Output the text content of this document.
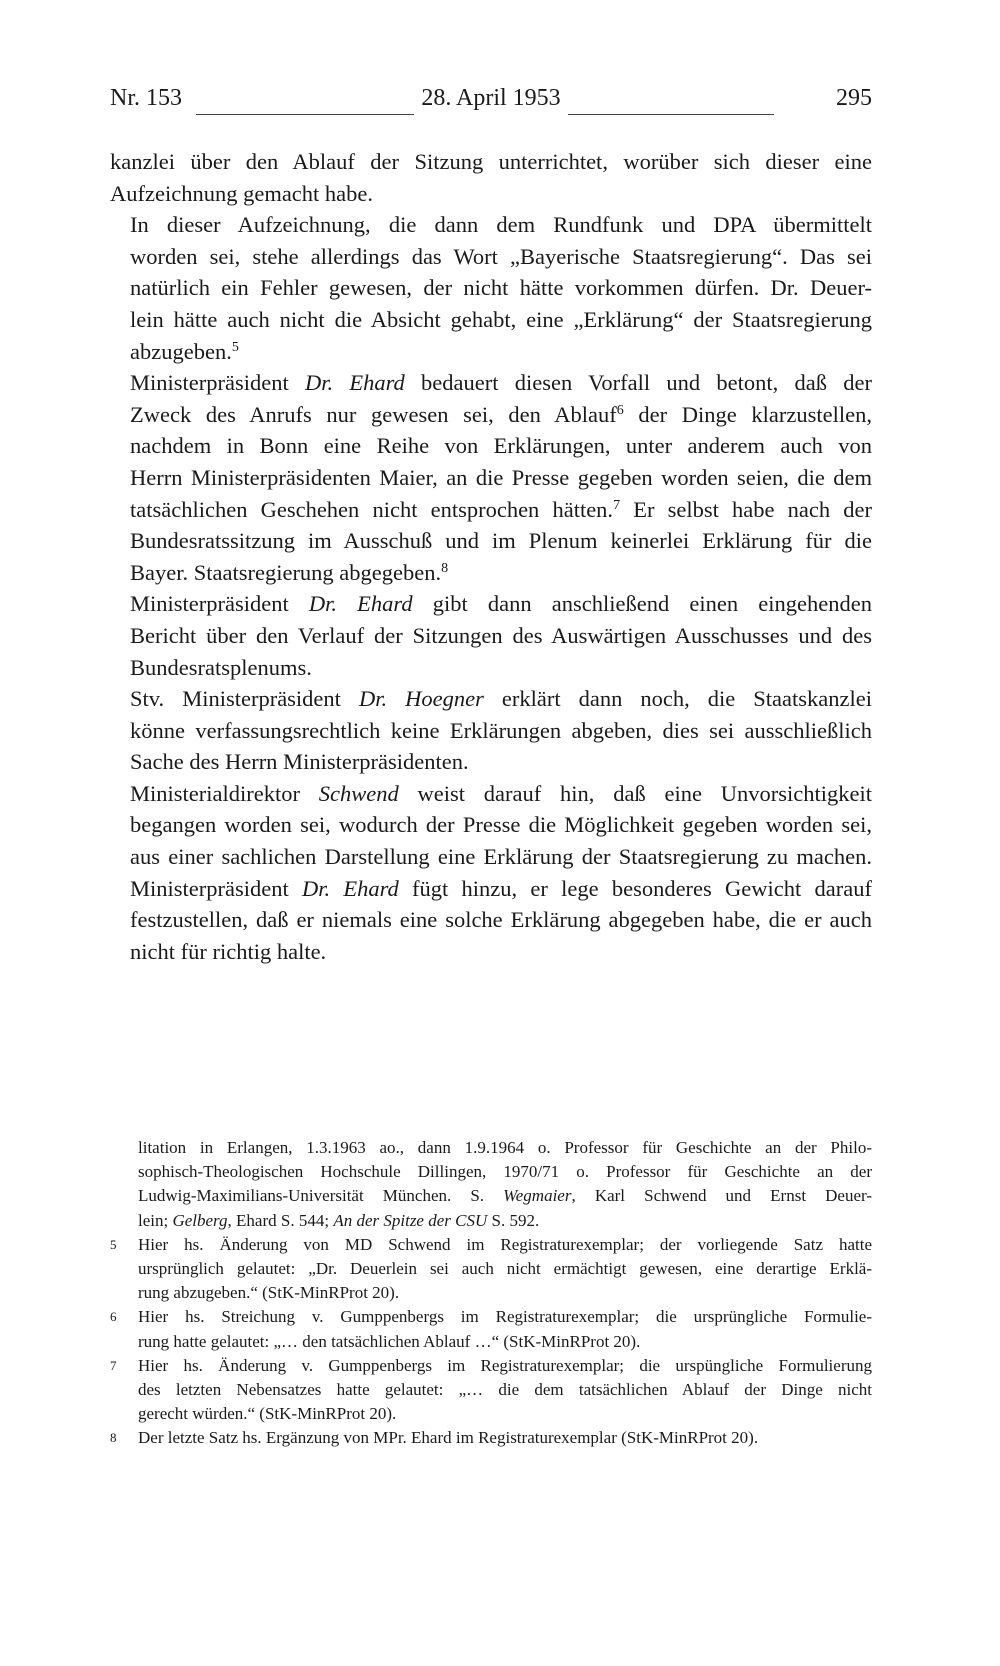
Nr. 153	28. April 1953	295

kanzlei über den Ablauf der Sitzung unterrichtet, worüber sich dieser eine
Aufzeichnung gemacht habe.

In dieser Aufzeichnung, die dann dem Rundfunk und DPA übermittelt
worden sei, stehe allerdings das Wort „Bayerische Staatsregierung“. Das sei
natürlich ein Fehler gewesen, der nicht hätte vorkommen dürfen. Dr. Deuer-
lein hätte auch nicht die Absicht gehabt, eine „Erklärung“ der Staatsregierung
abzugeben.$^5$

Ministerpräsident Dr. Ehard bedauert diesen Vorfall und betont, daß der
Zweck des Anrufs nur gewesen sei, den Ablauf$^6$ der Dinge klarzustellen,
nachdem in Bonn eine Reihe von Erklärungen, unter anderem auch von
Herrn Ministerpräsidenten Maier, an die Presse gegeben worden seien, die dem
tatsächlichen Geschehen nicht entsprochen hätten.$^7$ Er selbst habe nach der
Bundesratssitzung im Ausschuß und im Plenum keinerlei Erklärung für die
Bayer. Staatsregierung abgegeben.$^8$

Ministerpräsident Dr. Ehard gibt dann anschließend einen eingehenden
Bericht über den Verlauf der Sitzungen des Auswärtigen Ausschusses und des
Bundesratsplenums.

Stv. Ministerpräsident Dr. Hoegner erklärt dann noch, die Staatskanzlei
könne verfassungsrechtlich keine Erklärungen abgeben, dies sei ausschließlich
Sache des Herrn Ministerpräsidenten.

Ministerialdirektor Schwend weist darauf hin, daß eine Unvorsichtigkeit
begangen worden sei, wodurch der Presse die Möglichkeit gegeben worden sei,
aus einer sachlichen Darstellung eine Erklärung der Staatsregierung zu machen.

Ministerpräsident Dr. Ehard fügt hinzu, er lege besonderes Gewicht darauf
festzustellen, daß er niemals eine solche Erklärung abgegeben habe, die er auch
nicht für richtig halte.

litation in Erlangen, 1.3.1963 ao., dann 1.9.1964 o. Professor für Geschichte an der Philo-
sophisch-Theologischen Hochschule Dillingen, 1970/71 o. Professor für Geschichte an der
Ludwig-Maximilians-Universität München. S. Wegmaier, Karl Schwend und Ernst Deuer-
lein; Gelberg, Ehard S. 544; An der Spitze der CSU S. 592.
5 Hier hs. Änderung von MD Schwend im Registraturexemplar; der vorliegende Satz hatte
ursprünglich gelautet: „Dr. Deuerlein sei auch nicht ermächtigt gewesen, eine derartige Erklä-
rung abzugeben.“ (StK-MinRProt 20).
6 Hier hs. Streichung v. Gumppenbergs im Registraturexemplar; die ursprüngliche Formulie-
rung hatte gelautet: „… den tatsächlichen Ablauf …“ (StK-MinRProt 20).
7 Hier hs. Änderung v. Gumppenbergs im Registraturexemplar; die urspüngliche Formulierung
des letzten Nebensatzes hatte gelautet: „… die dem tatsächlichen Ablauf der Dinge nicht
gerecht würden.“ (StK-MinRProt 20).
8 Der letzte Satz hs. Ergänzung von MPr. Ehard im Registraturexemplar (StK-MinRProt 20).
